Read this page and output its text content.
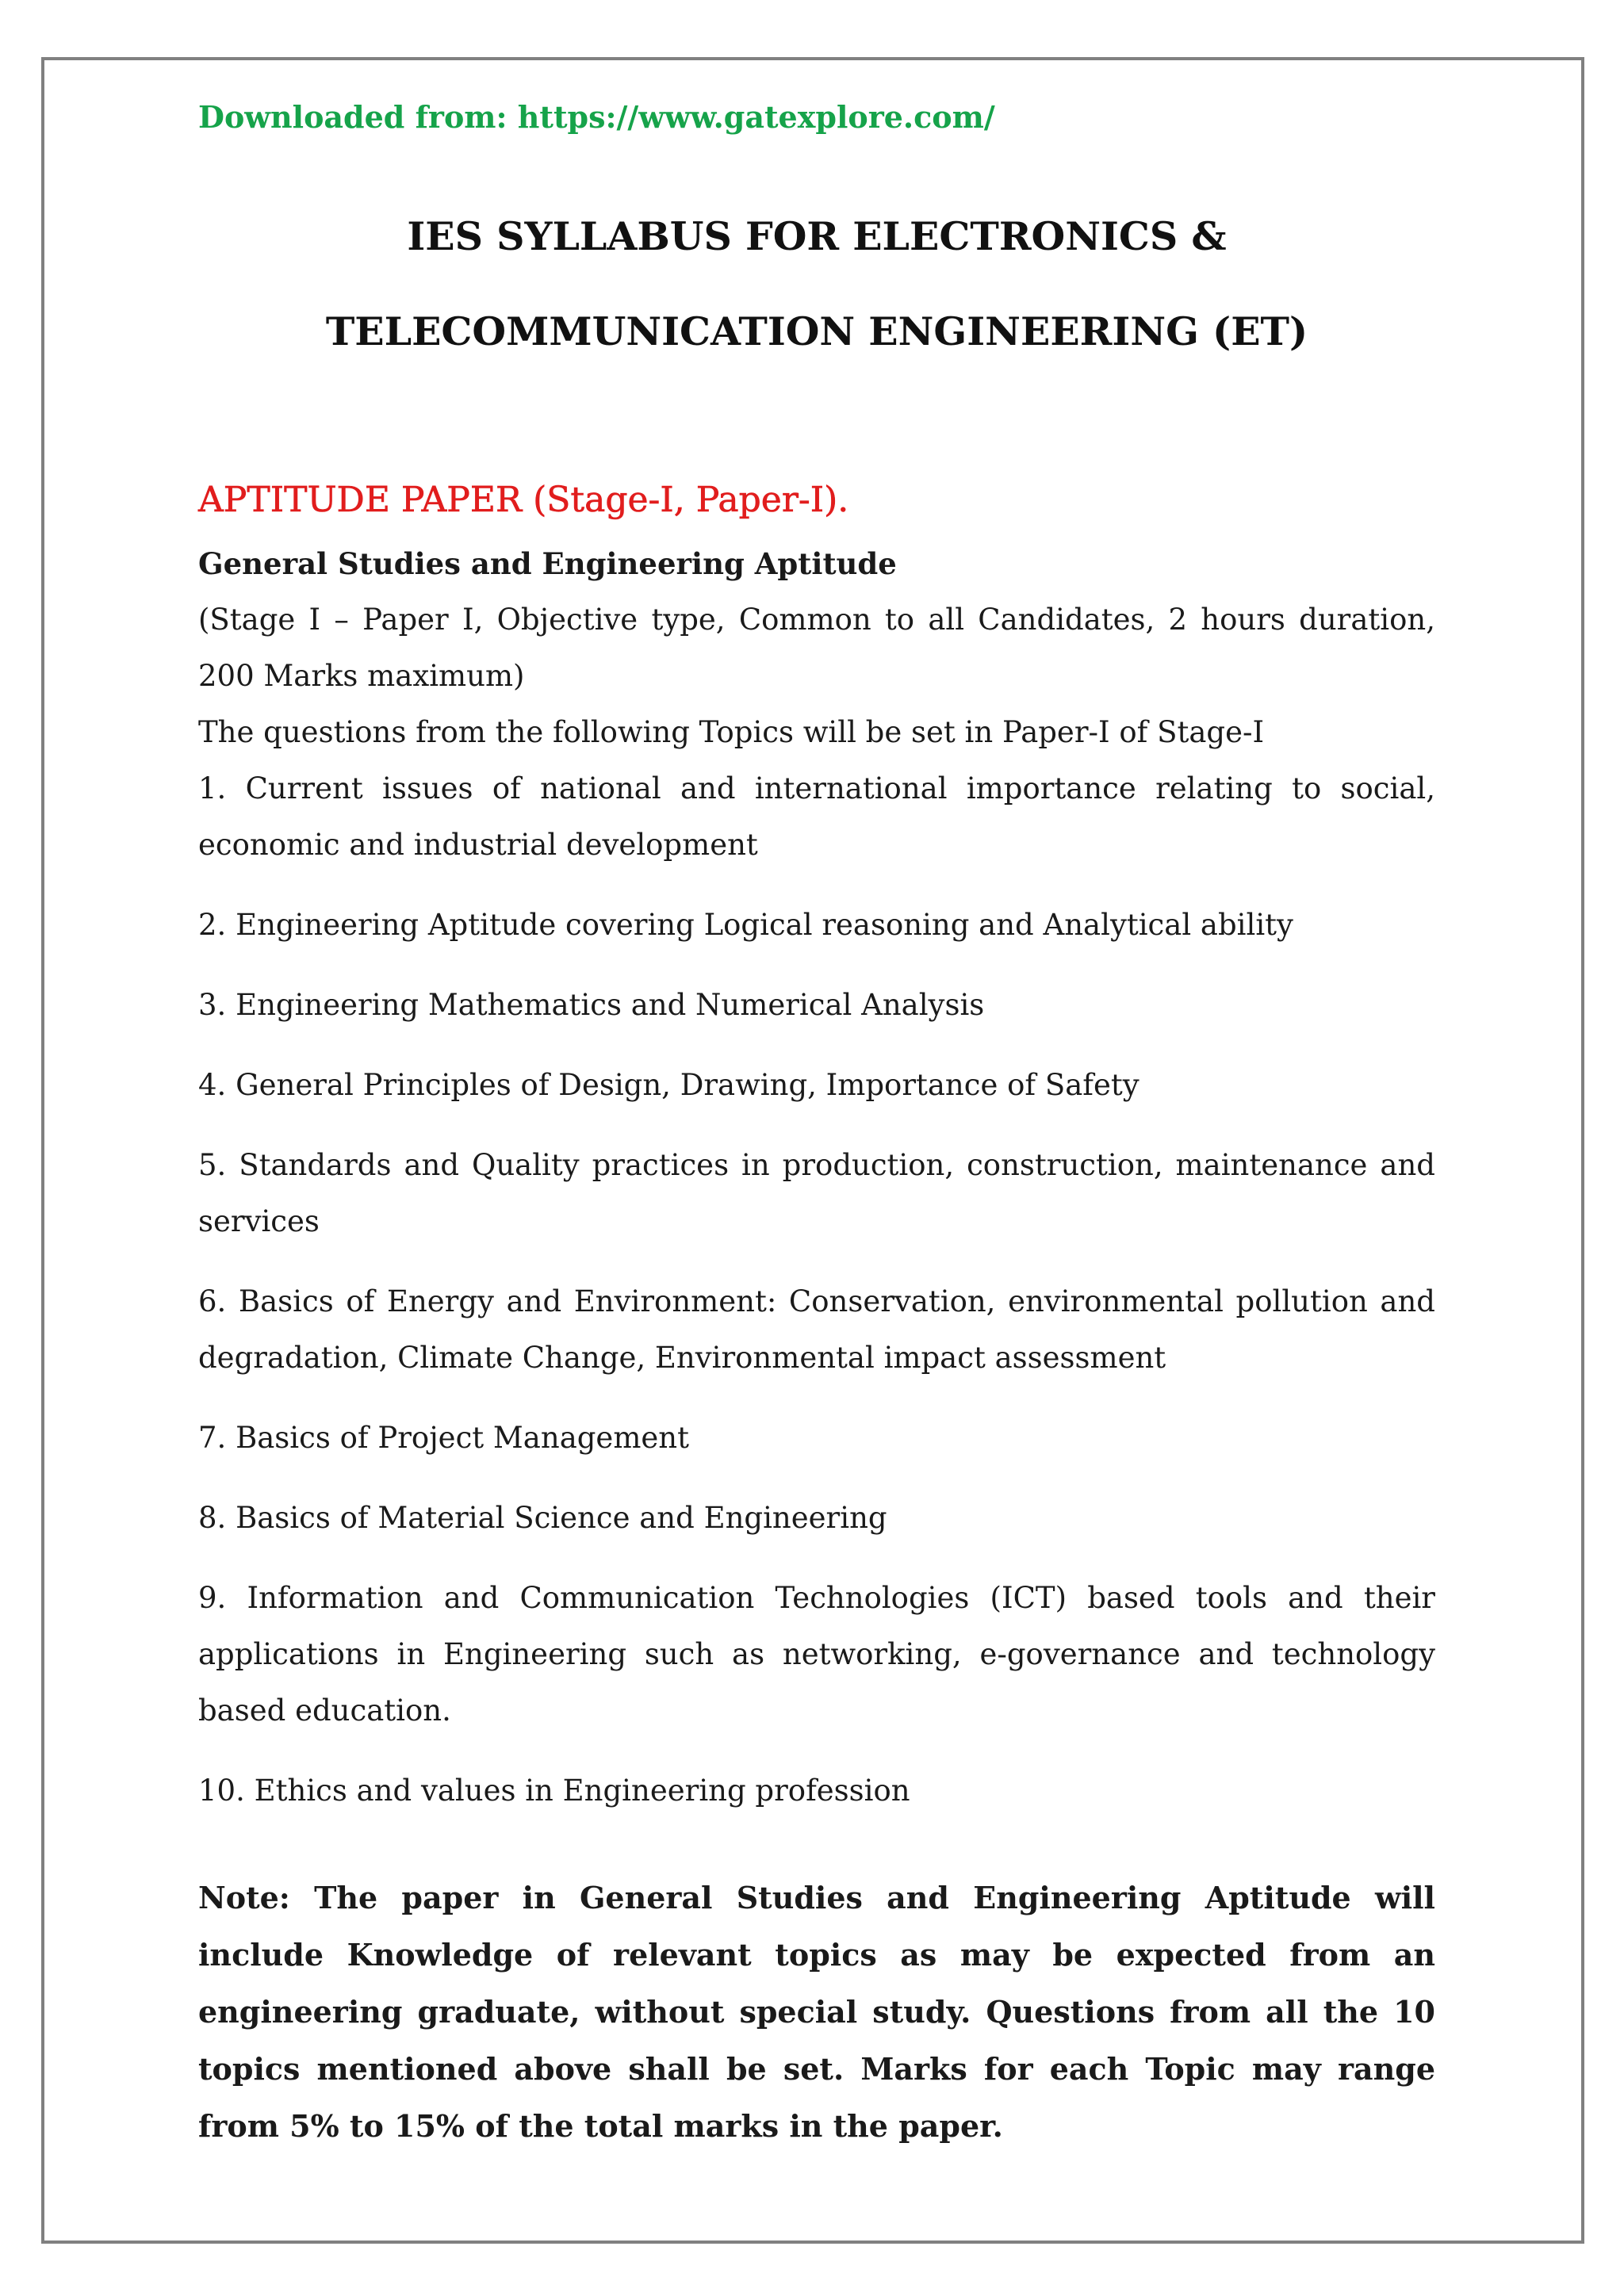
Downloaded from: https://www.gatexplore.com/
IES SYLLABUS FOR ELECTRONICS &
TELECOMMUNICATION ENGINEERING (ET)
APTITUDE PAPER (Stage-I, Paper-I).
General Studies and Engineering Aptitude

(Stage I – Paper I, Objective type, Common to all Candidates, 2 hours duration, 200 Marks maximum)

The questions from the following Topics will be set in Paper-I of Stage-I

1. Current issues of national and international importance relating to social, economic and industrial development

2. Engineering Aptitude covering Logical reasoning and Analytical ability

3. Engineering Mathematics and Numerical Analysis

4. General Principles of Design, Drawing, Importance of Safety

5. Standards and Quality practices in production, construction, maintenance and services

6. Basics of Energy and Environment: Conservation, environmental pollution and degradation, Climate Change, Environmental impact assessment

7. Basics of Project Management

8. Basics of Material Science and Engineering

9. Information and Communication Technologies (ICT) based tools and their applications in Engineering such as networking, e-governance and technology based education.

10. Ethics and values in Engineering profession

Note: The paper in General Studies and Engineering Aptitude will include Knowledge of relevant topics as may be expected from an engineering graduate, without special study. Questions from all the 10 topics mentioned above shall be set. Marks for each Topic may range from 5% to 15% of the total marks in the paper.
